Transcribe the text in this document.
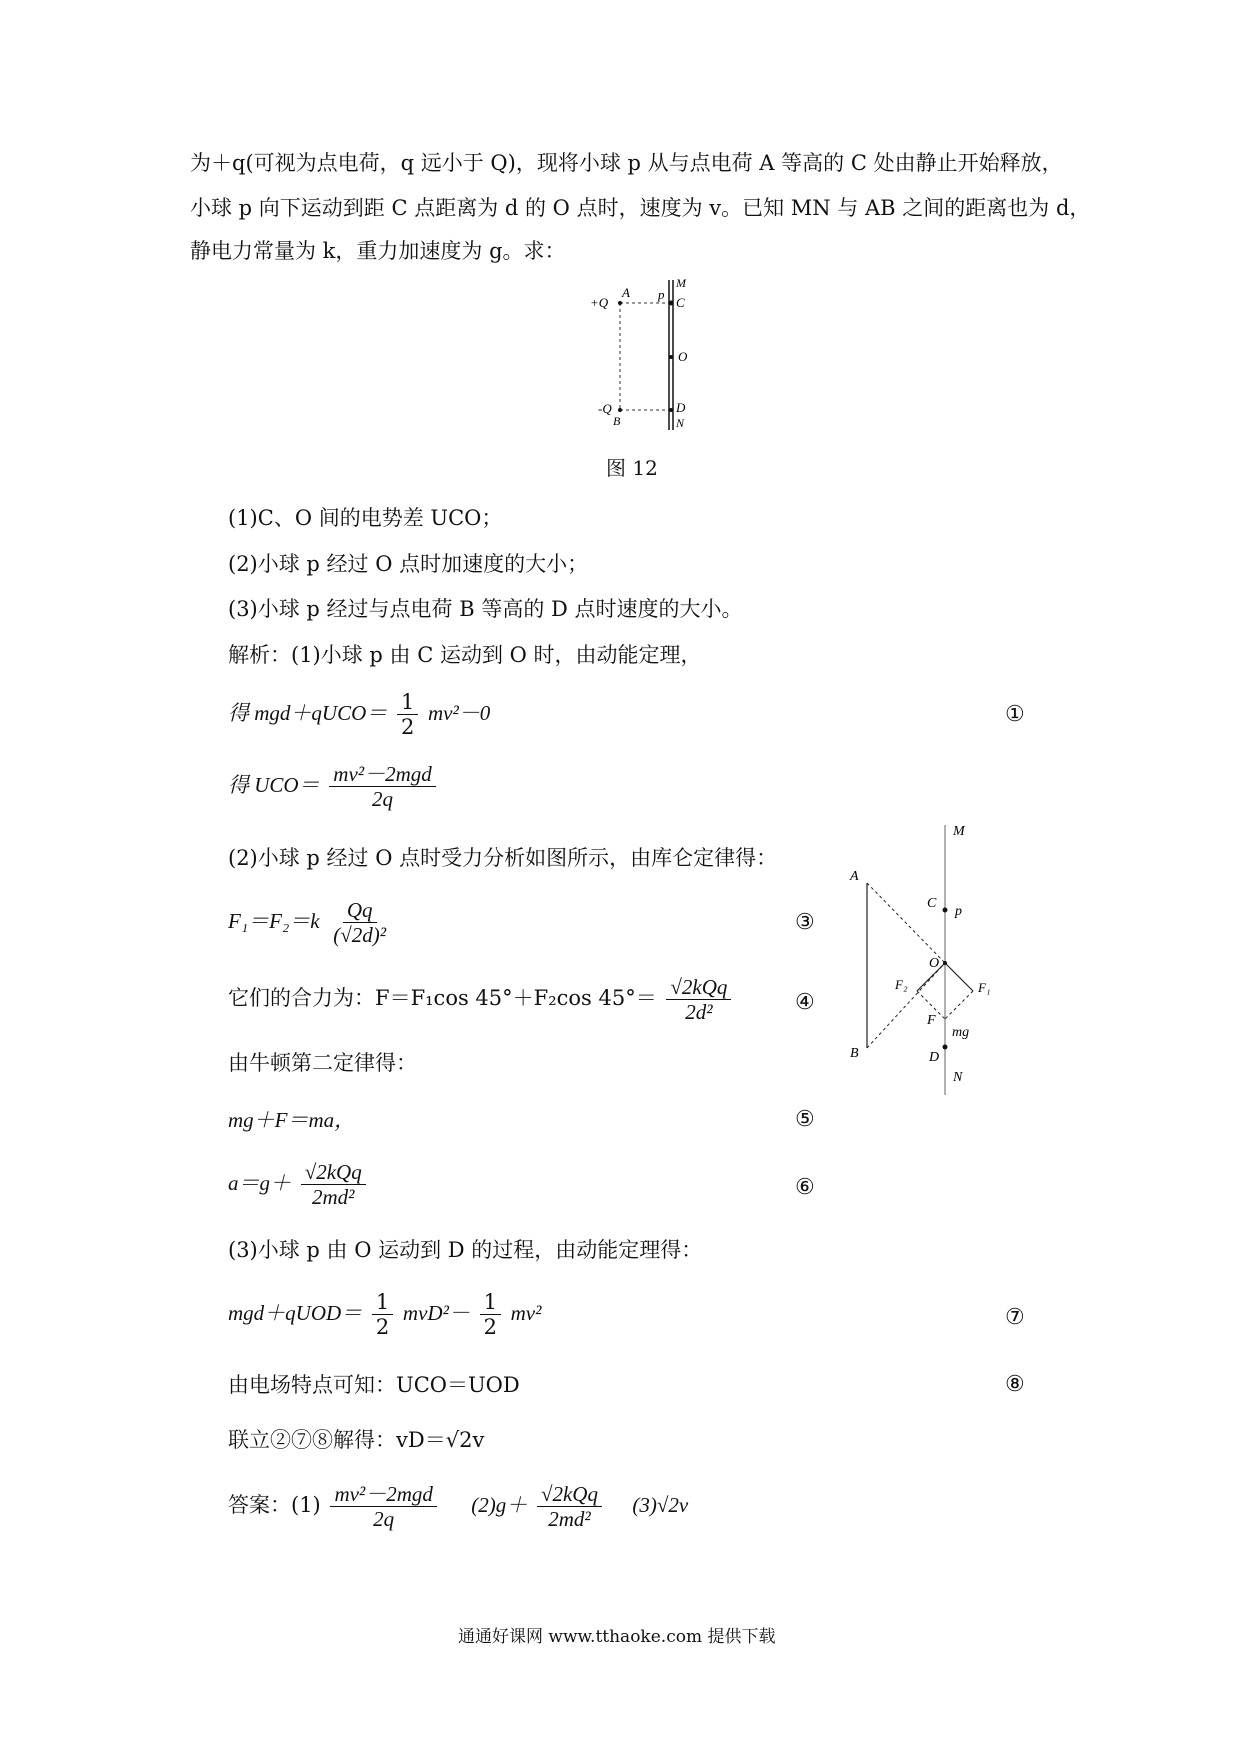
为＋q(可视为点电荷，q 远小于 Q)，现将小球 p 从与点电荷 A 等高的 C 处由静止开始释放，
小球 p 向下运动到距 C 点距离为 d 的 O 点时，速度为 v。已知 MN 与 AB 之间的距离也为 d，
静电力常量为 k，重力加速度为 g。求：
+Q
A p
M
C
O
-Q
B
D
N
图 12
(1)C、O 间的电势差 UCO；
(2)小球 p 经过 O 点时加速度的大小；
(3)小球 p 经过与点电荷 B 等高的 D 点时速度的大小。
解析：(1)小球 p 由 C 运动到 O 时，由动能定理，
得 mgd＋qUCO＝ $\frac{1}{2} mv^2-0$	①
得 $UCO= \frac{\text{mv²－2mgd}}{2q}$
(2)小球 p 经过 O 点时受力分析如图所示，由库仑定律得：
$F_1=F_2=k \frac{Qq}{\text{(√2d)²}}$	③
它们的合力为：F＝F₁cos 45°＋F₂cos $45^\circ= \frac{\text{√2kQq}}{\text{2d²}}$	④
由牛顿第二定律得：
mg＋F＝ma，	⑤
$a=g+ \frac{\text{√2kQq}}{\text{2md²}}$	⑥
M
A
C
p
O
F₂	F₁
F
mg
B	D
N
(3)小球 p 由 O 运动到 D 的过程，由动能定理得：
mgd＋qUOD＝ $\frac{1}{2} mvD^2- \frac{1}{2} mv^2$	⑦
由电场特点可知：UCO＝UOD	⑧
联立②⑦⑧解得：vD＝√2v
答案：$(1) \frac{\text{mv²－2mgd}}{2q} (2)g+ \frac{\text{√2kQq}}{\text{2md²}} (3)√2v$
通通好课网 www.tthaoke.com 提供下载
